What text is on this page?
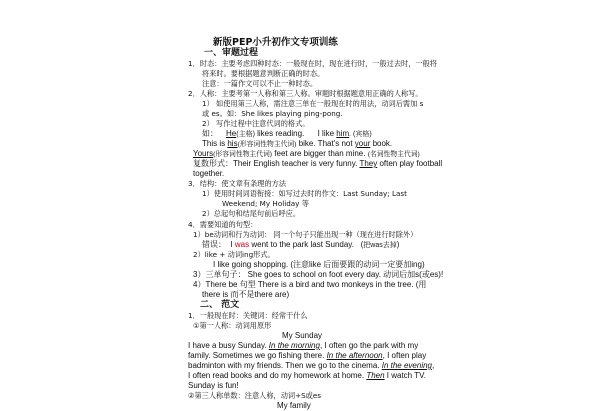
新版PEP小升初作文专项训练
一、审题过程
1．时态：主要考虑四种时态：一般现在时，现在进行时，一般过去时，一般将
将来时。要根据题意判断正确的时态。
注意：一篇作文可以不止一种时态。
2．人称：主要考第一人称和第三人称。审题时根据题意用正确的人称写。
1） 如使用第三人称，需注意三单在一般现在时的用法，动词后需加 s
或 es。如：She likes playing ping-pong.
2） 写作过程中注意代词的格式。
如： He(主格) likes reading.      I like him. (宾格)
This is his(形容词性物主代词) bike. That's not your book.
Yours(形容词性物主代词) feet are bigger than mine. (名词性物主代词)
复数形式：Their English teacher is very funny. They often play football
together.
3．结构：使文章有条理的方法
1）使用时间词语衔接：如写过去时的作文：Last Sunday; Last
Weekend; My Holiday 等
2）总起句和结尾句前后呼应。
4．需要知道的句型：
1）be动词和行为动词： 同一个句子只能出现一种（现在进行时除外）
错误：  I was went to the park last Sunday.   (把was去掉)
2）like + 动词ing形式。
I like going shopping. (注意like 后面要跟的动词一定要加ing)
3）三单句子： She goes to school on foot every day. 动词后加s(或es)!
4）There be 句型 There is a bird and two monkeys in the tree. (用
there is 而不是there are)
二、 范文
1．一般现在时：关键词：经常干什么
①第一人称：动词用原形
My Sunday
I have a busy Sunday. In the morning, I often go the park with my
family. Sometimes we go fishing there. In the afternoon, I often play
badminton with my friends. Then we go to the cinema. In the evening,
I often read books and do my homework at home. Then I watch TV.
Sunday is fun!
②第三人称单数：注意人称，动词+S或es
My family
